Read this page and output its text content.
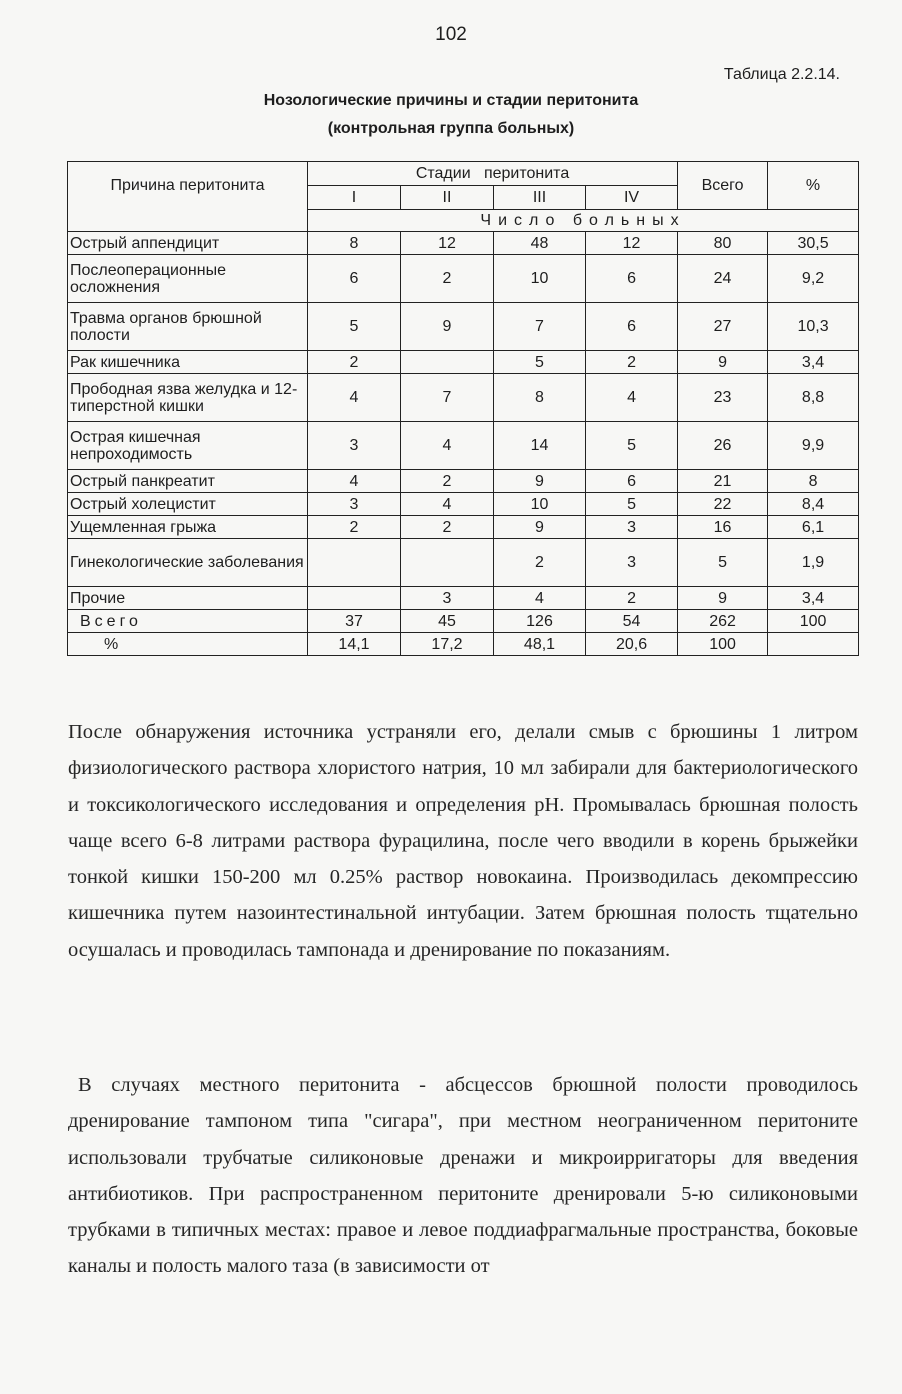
102
Таблица 2.2.14.
Нозологические причины и стадии перитонита
(контрольная группа больных)
Причина перитонита	Стадии   перитонита				Всего	%
	I	II	III	IV		
	Число больных					
Острый аппендицит	8	12	48	12	80	30,5
Послеоперационные осложнения	6	2	10	6	24	9,2
Травма органов брюшной полости	5	9	7	6	27	10,3
Рак кишечника	2		5	2	9	3,4
Прободная язва желудка и 12-типерстной кишки	4	7	8	4	23	8,8
Острая кишечная непроходимость	3	4	14	5	26	9,9
Острый панкреатит	4	2	9	6	21	8
Острый холецистит	3	4	10	5	22	8,4
Ущемленная грыжа	2	2	9	3	16	6,1
Гинекологические заболевания			2	3	5	1,9
Прочие		3	4	2	9	3,4
Всего	37	45	126	54	262	100
%	14,1	17,2	48,1	20,6	100	

После обнаружения источника устраняли его, делали смыв с брюшины 1 литром физиологического раствора хлористого натрия, 10 мл забирали для бактериологического и токсикологического исследования и определения pH. Промывалась брюшная полость чаще всего 6-8 литрами раствора фурацилина, после чего вводили в корень брыжейки тонкой кишки 150-200 мл 0.25% раствор новокаина. Производилась декомпрессию кишечника путем назоинтестинальной интубации. Затем брюшная полость тщательно осушалась и проводилась тампонада и дренирование по показаниям.

В случаях местного перитонита - абсцессов брюшной полости проводилось дренирование тампоном типа "сигара", при местном неограниченном перитоните использовали трубчатые силиконовые дренажи и микроирригаторы для введения антибиотиков. При распространенном перитоните дренировали 5-ю силиконовыми трубками в типичных местах: правое и левое поддиафрагмальные пространства, боковые каналы и полость малого таза (в зависимости от
